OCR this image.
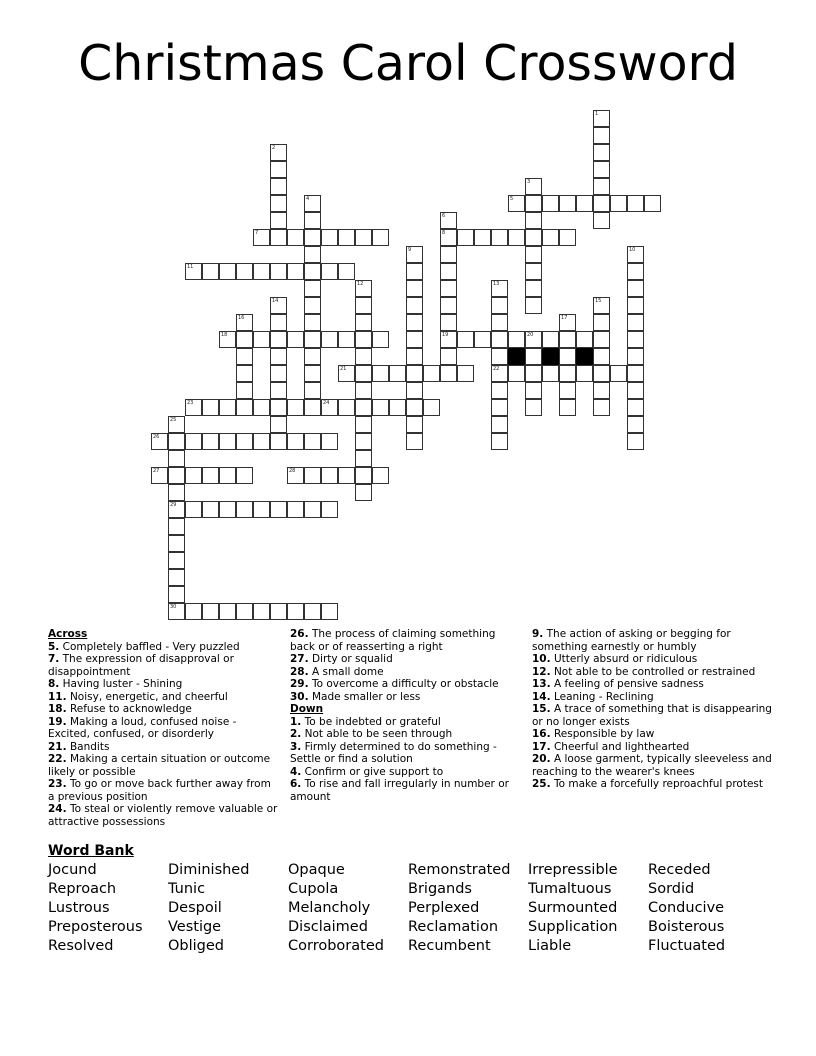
Christmas Carol Crossword
1
2
3
4	5
6
8
19
7
9	10
11
12	13
22
14	15
16	17
18	20
21
23	24
25
29
30
26
27	28
Across
5. Completely baffled - Very puzzled
7. The expression of disapproval or disappointment
8. Having luster - Shining
11. Noisy, energetic, and cheerful
18. Refuse to acknowledge
19. Making a loud, confused noise - Excited, confused, or disorderly
21. Bandits
22. Making a certain situation or outcome likely or possible
23. To go or move back further away from a previous position
24. To steal or violently remove valuable or attractive possessions
26. The process of claiming something back or of reasserting a right
27. Dirty or squalid
28. A small dome
29. To overcome a difficulty or obstacle
30. Made smaller or less
Down
1. To be indebted or grateful
2. Not able to be seen through
3. Firmly determined to do something - Settle or find a solution
4. Confirm or give support to
6. To rise and fall irregularly in number or amount
9. The action of asking or begging for something earnestly or humbly
10. Utterly absurd or ridiculous
12. Not able to be controlled or restrained
13. A feeling of pensive sadness
14. Leaning - Reclining
15. A trace of something that is disappearing or no longer exists
16. Responsible by law
17. Cheerful and lighthearted
20. A loose garment, typically sleeveless and reaching to the wearer's knees
25. To make a forcefully reproachful protest
Word Bank
Jocund	Diminished	Opaque	Remonstrated Irrepressible Receded
Reproach	Tunic	Cupola	Brigands	Tumaltuous	Sordid
Lustrous	Despoil	Melancholy	Perplexed	Surmounted Conducive
Preposterous Vestige	Disclaimed	Reclamation Supplication Boisterous
Resolved	Obliged	Corroborated Recumbent	Liable	Fluctuated
